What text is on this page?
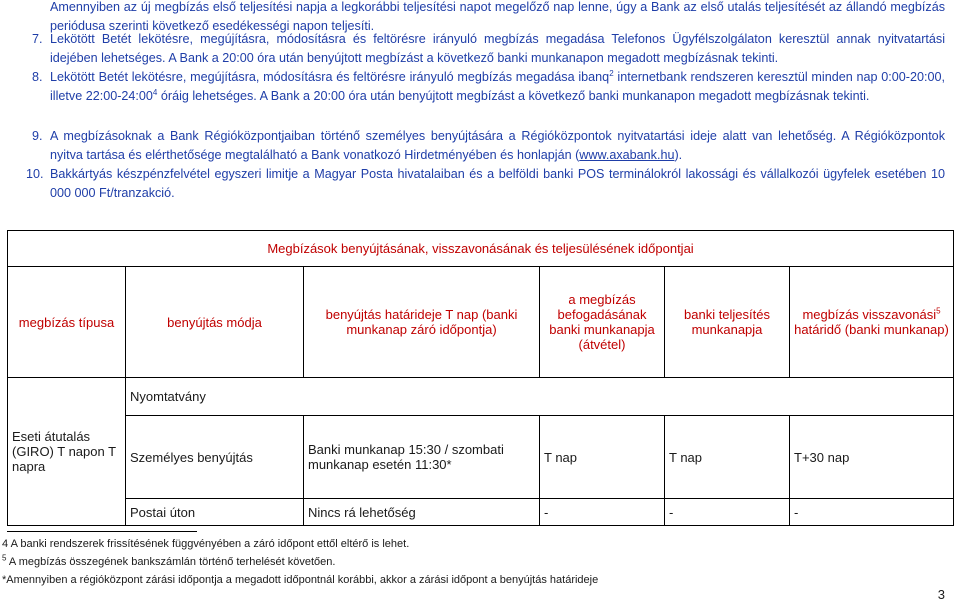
Amennyiben az új megbízás első teljesítési napja a legkorábbi teljesítési napot megelőző nap lenne, úgy a Bank az első utalás teljesítését az állandó megbízás periódusa szerinti következő esedékességi napon teljesíti.
7. Lekötött Betét lekötésre, megújításra, módosításra és feltörésre irányuló megbízás megadása Telefonos Ügyfélszolgálaton keresztül annak nyitvatartási idejében lehetséges. A Bank a 20:00 óra után benyújtott megbízást a következő banki munkanapon megadott megbízásnak tekinti.
8. Lekötött Betét lekötésre, megújításra, módosításra és feltörésre irányuló megbízás megadása ibanq$^2$ internetbank rendszeren keresztül minden nap 0:00-20:00, illetve $22:00-24:00^4$ óráig lehetséges. A Bank a 20:00 óra után benyújtott megbízást a következő banki munkanapon megadott megbízásnak tekinti.
9. A megbízásoknak a Bank Régióközpontjaiban történő személyes benyújtására a Régióközpontok nyitvatartási ideje alatt van lehetőség. A Régióközpontok nyitva tartása és elérthetősége megtalálható a Bank vonatkozó Hirdetményében és honlapján (www.axabank.hu).
10. Bakkártyás készpénzfelvétel egyszeri limitje a Magyar Posta hivatalaiban és a belföldi banki POS terminálokról lakossági és vállalkozói ügyfelek esetében 10 000 000 Ft/tranzakció.
Megbízások benyújtásának, visszavonásának és teljesülésének időpontjai					
megbízás típusa	benyújtás módja	benyújtás határideje T nap (banki munkanap záró időpontja)	a megbízás befogadásának banki munkanapja (átvétel)	banki teljesítés munkanapja	megbízás visszavonási$^5$
határidő (banki munkanap)
Eseti átutalás (GIRO) T napon T napra	Nyomtatvány				
	Személyes benyújtás	Banki munkanap 15:30 / szombati munkanap esetén 11:30*	T nap	T nap	T+30 nap
	Postai úton	Nincs rá lehetőség	-	-	-
4 A banki rendszerek frissítésének függvényében a záró időpont ettől eltérő is lehet.
$^5$ A megbízás összegének bankszámlán történő terhelését követően.
*Amennyiben a régióközpont zárási időpontja a megadott időpontnál korábbi, akkor a zárási időpont a benyújtás határideje
3
